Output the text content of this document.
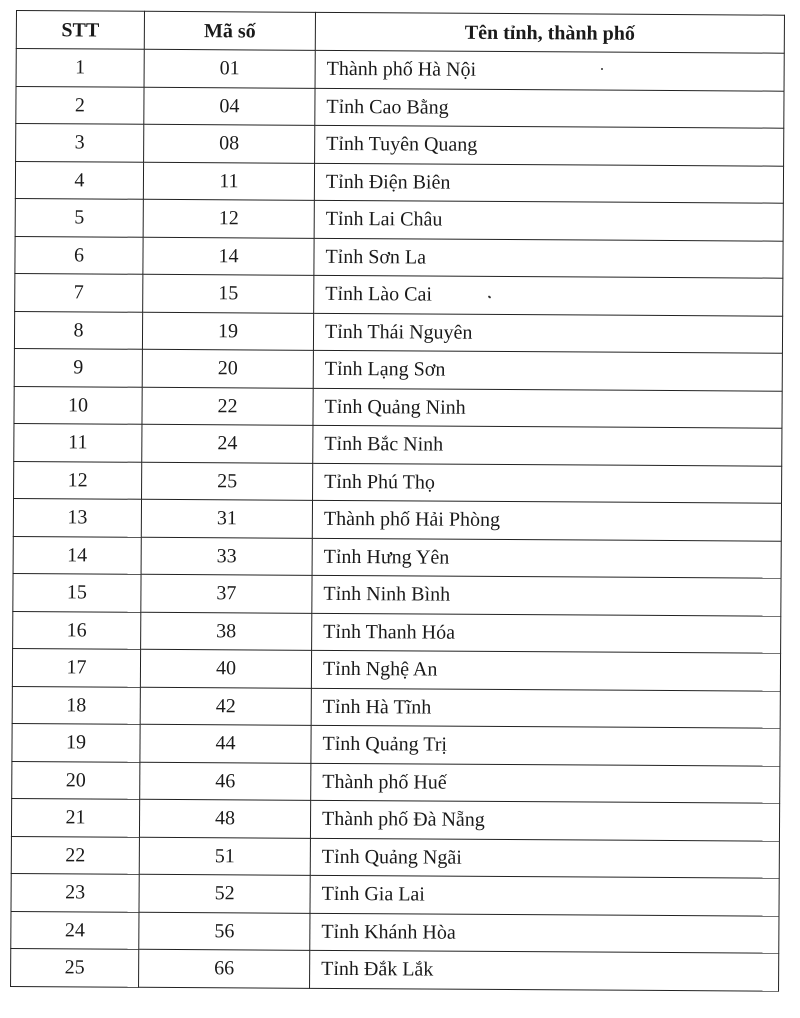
STT	Mã số	Tên tỉnh, thành phố
1	01	Thành phố Hà Nội
2	04	Tỉnh Cao Bằng
3	08	Tỉnh Tuyên Quang
4	11	Tỉnh Điện Biên
5	12	Tỉnh Lai Châu
6	14	Tỉnh Sơn La
7	15	Tỉnh Lào Cai
8	19	Tỉnh Thái Nguyên
9	20	Tỉnh Lạng Sơn
10	22	Tỉnh Quảng Ninh
11	24	Tỉnh Bắc Ninh
12	25	Tỉnh Phú Thọ
13	31	Thành phố Hải Phòng
14	33	Tỉnh Hưng Yên
15	37	Tỉnh Ninh Bình
16	38	Tỉnh Thanh Hóa
17	40	Tỉnh Nghệ An
18	42	Tỉnh Hà Tĩnh
19	44	Tỉnh Quảng Trị
20	46	Thành phố Huế
21	48	Thành phố Đà Nẵng
22	51	Tỉnh Quảng Ngãi
23	52	Tỉnh Gia Lai
24	56	Tỉnh Khánh Hòa
25	66	Tỉnh Đắk Lắk
